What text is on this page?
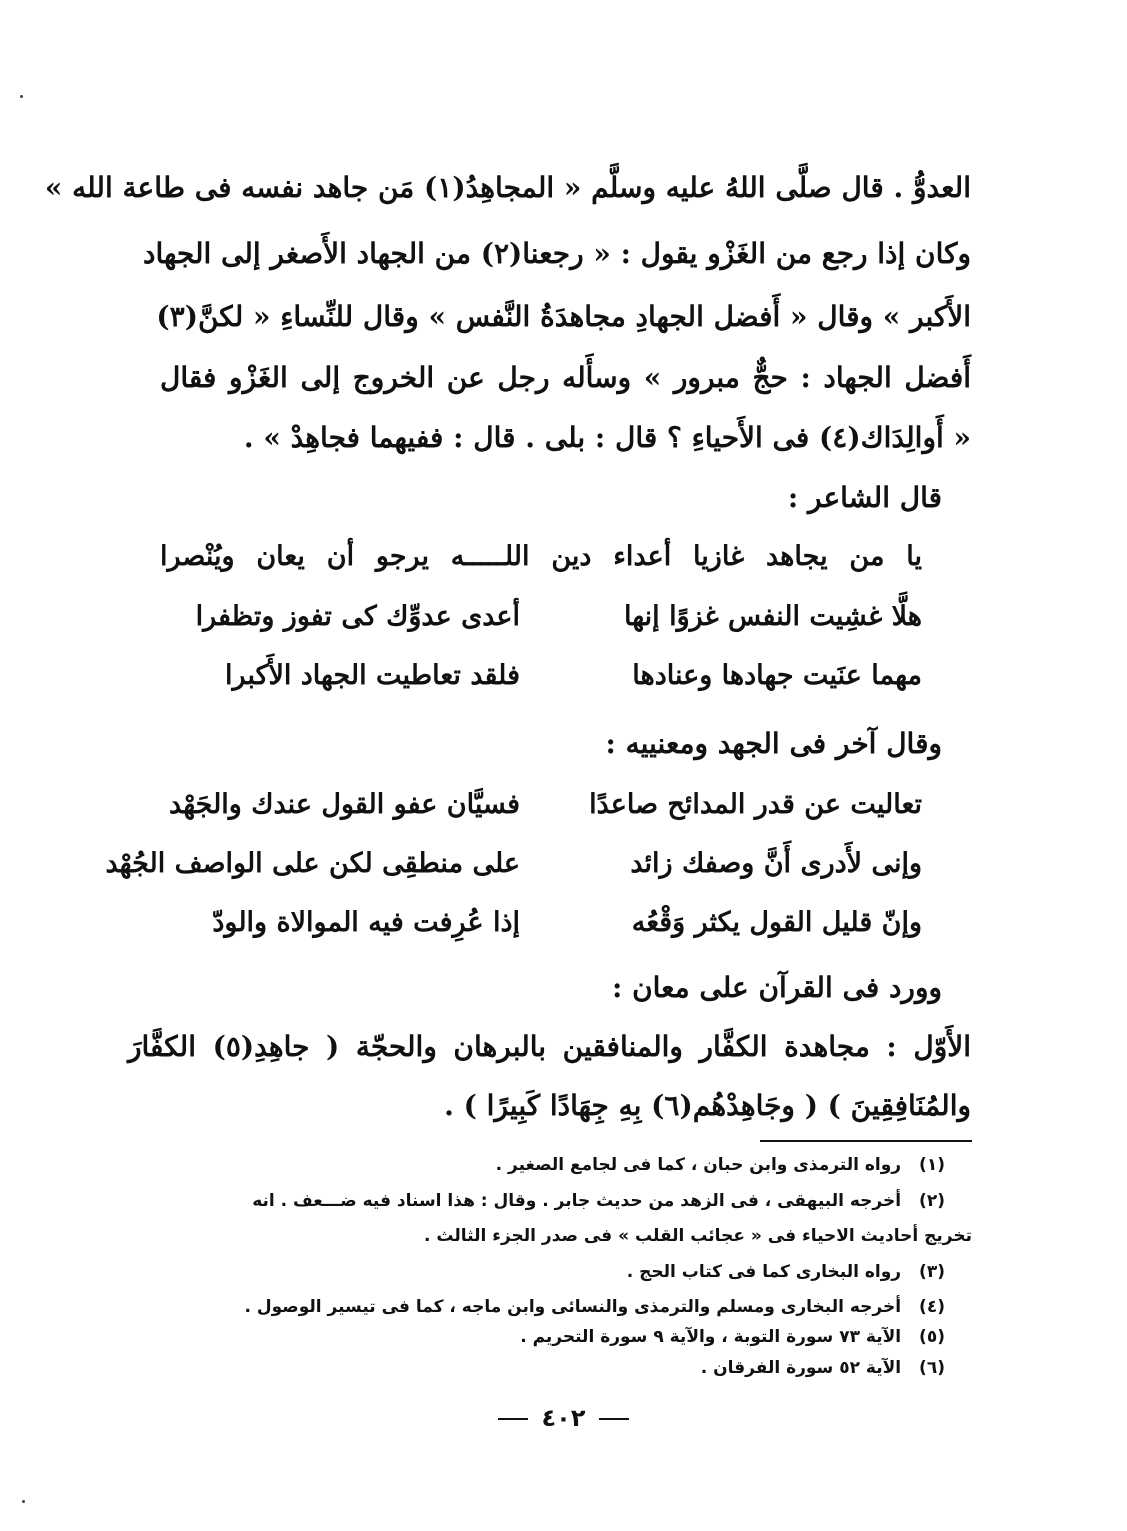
العدوُّ . قال صلَّى اللهُ عليه وسلَّم « المجاهِدُ(١) مَن جاهد نفسه فى طاعة الله »
وكان إذا رجع من الغَزْو يقول : « رجعنا(٢) من الجهاد الأَصغر إلى الجهاد
الأَكبر » وقال « أَفضل الجهادِ مجاهدَةُ النَّفس » وقال للنِّساءِ « لكنَّ(٣)
أَفضل الجهاد : حجٌّ مبرور » وسأَله رجل عن الخروج إلى الغَزْو فقال
« أَوالِدَاك(٤) فى الأَحياءِ ؟ قال : بلى . قال : ففيهما فجاهِدْ » .
قال الشاعر :
يا من يجاهد غازيا أعداء دين اللـــــه يرجو أن يعان ويُنْصرا
هلَّا غشِيت النفس غزوًا إنها
أعدى عدوِّك كى تفوز وتظفرا
مهما عنَيت جهادها وعنادها
فلقد تعاطيت الجهاد الأَكبرا
وقال آخر فى الجهد ومعنييه :
تعاليت عن قدر المدائح صاعدًا
فسيَّان عفو القول عندك والجَهْد
وإنى لأَدرى أَنَّ وصفك زائد
على منطقِى لكن على الواصف الجُهْد
وإنّ قليل القول يكثر وَقْعُه
إذا عُرِفت فيه الموالاة والودّ
وورد فى القرآن على معان :
الأَوّل : مجاهدة الكفَّار والمنافقين بالبرهان والحجّة ( جاهِدِ(٥) الكفَّارَ
والمُنَافِقِينَ ) ( وجَاهِدْهُم(٦) بِهِ جِهَادًا كَبِيرًا ) .
(١) رواه الترمذى وابن حبان ، كما فى لجامع الصغير .
(٢) أخرجه البيهقى ، فى الزهد من حديث جابر . وقال : هذا اسناد فيه ضـــعف . انه
تخريج أحاديث الاحياء فى « عجائب القلب » فى صدر الجزء الثالث .
(٣) رواه البخارى كما فى كتاب الحج .
(٤) أخرجه البخارى ومسلم والترمذى والنسائى وابن ماجه ، كما فى تيسير الوصول .
(٥) الآية ٧٣ سورة التوبة ، والآية ٩ سورة التحريم .
(٦) الآية ٥٢ سورة الفرقان .
٤٠٢
